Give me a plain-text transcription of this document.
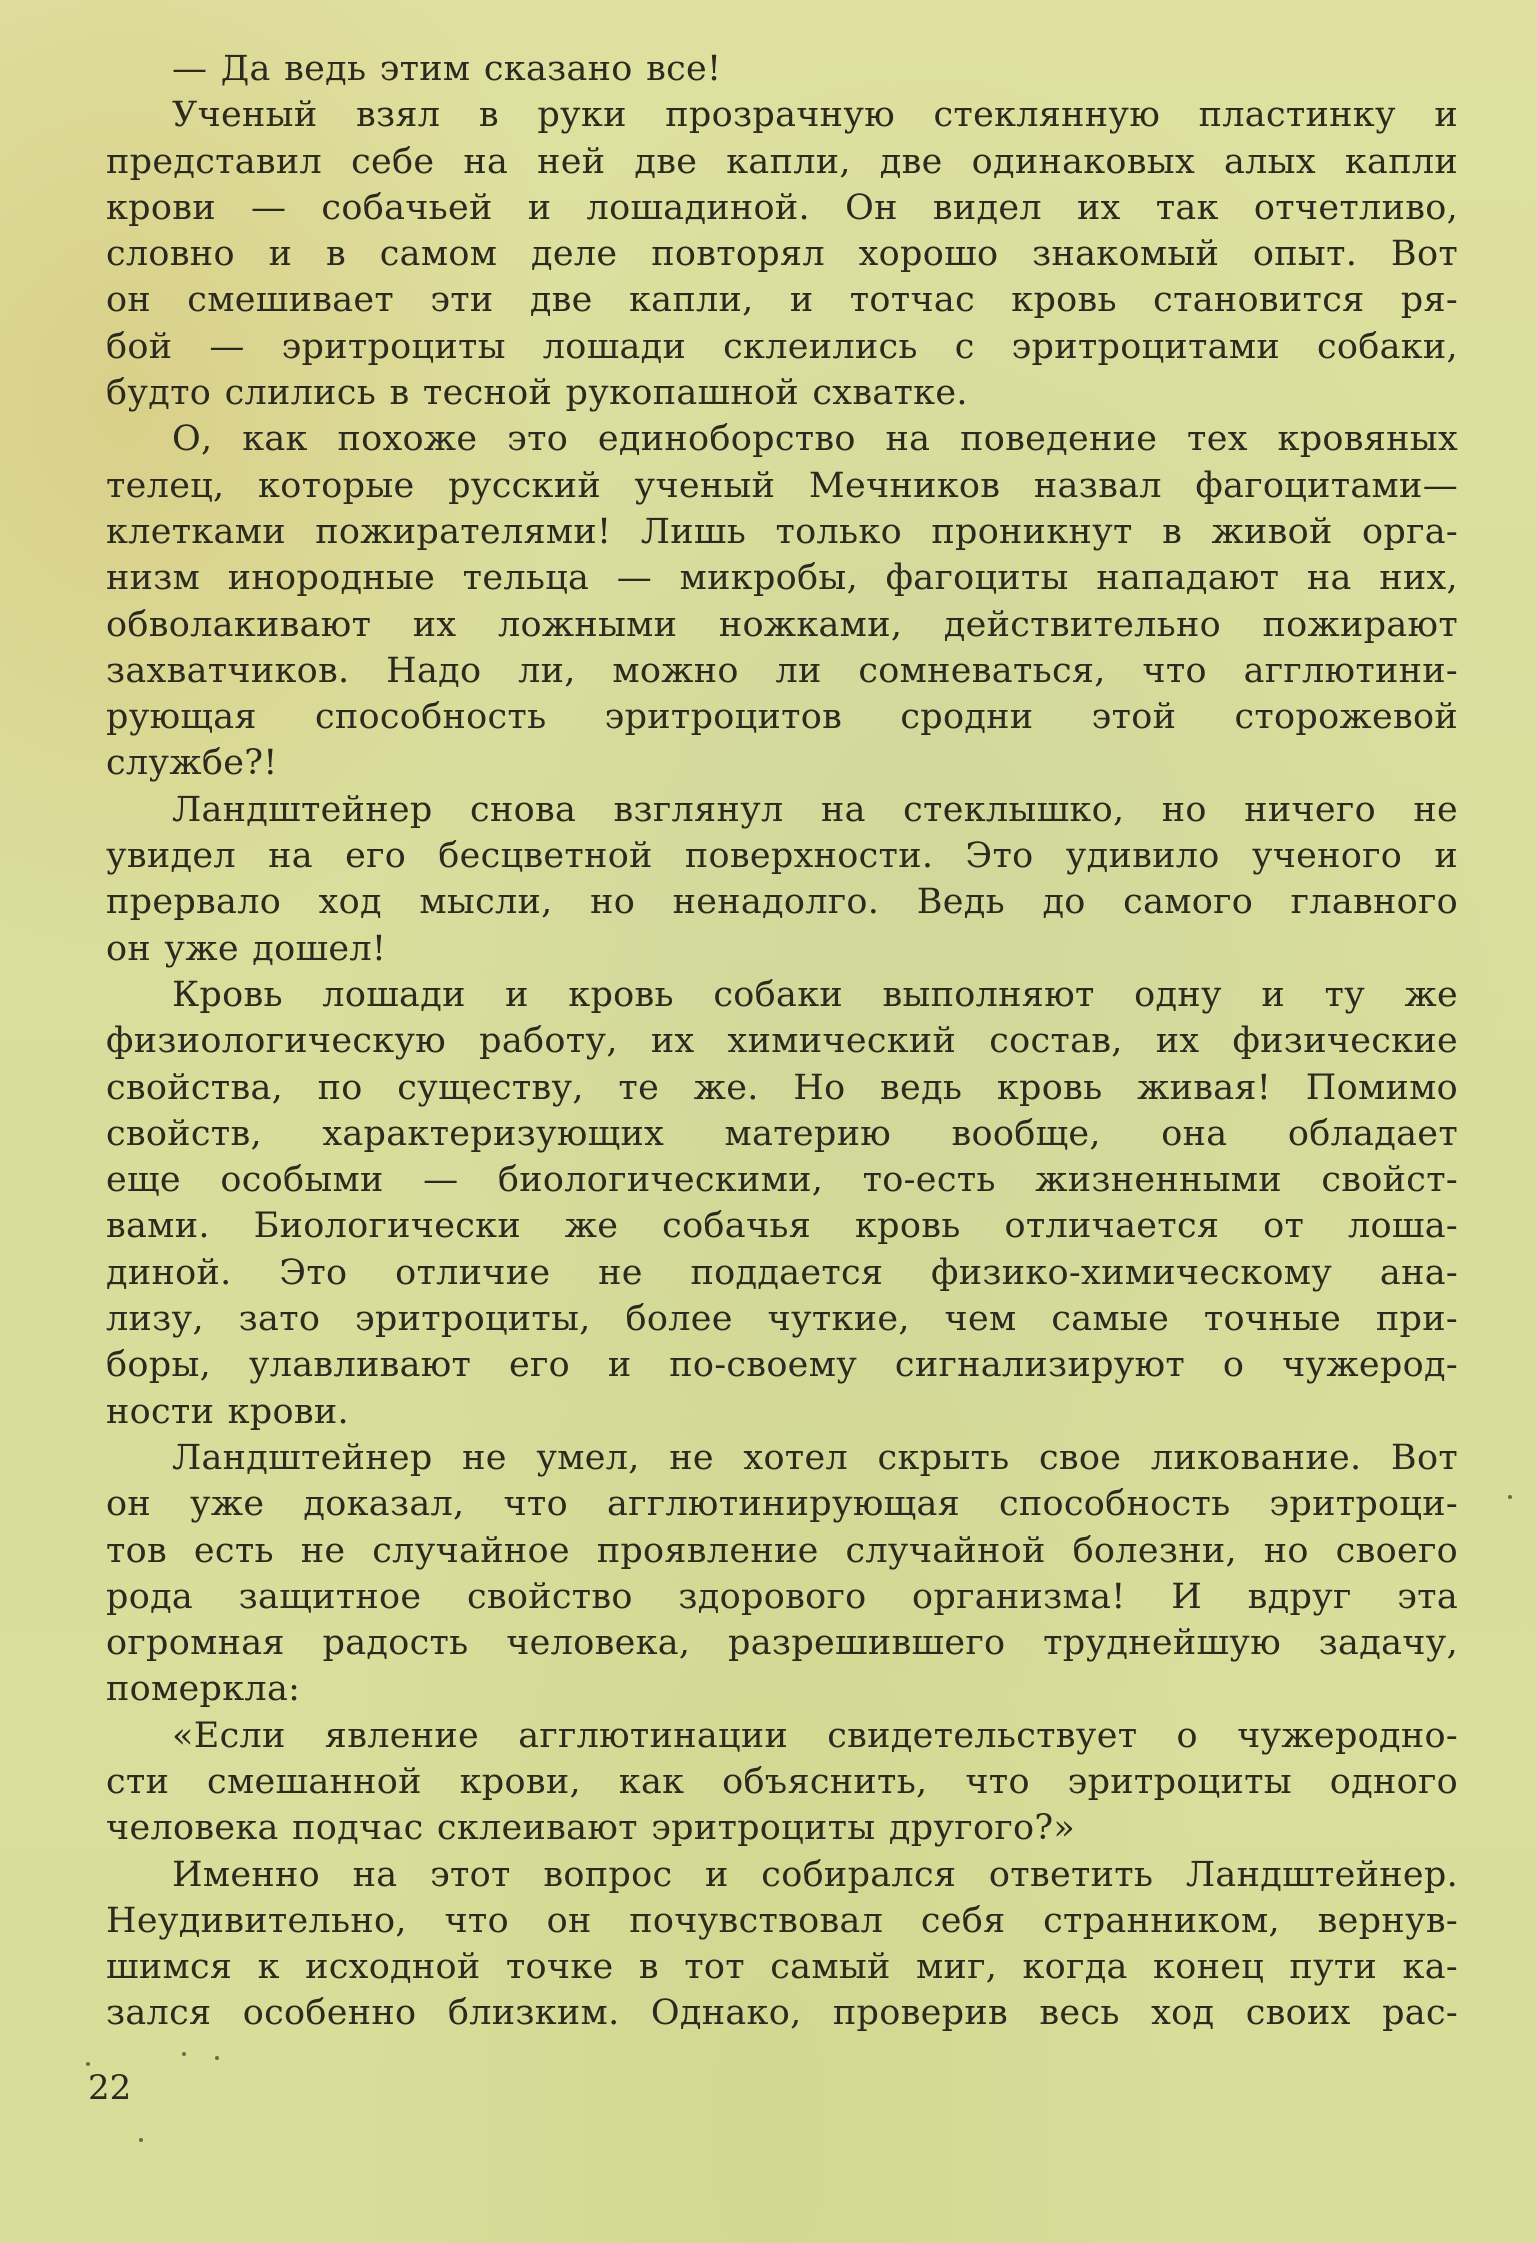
— Да ведь этим сказано все!
Ученый взял в руки прозрачную стеклянную пластинку и
представил себе на ней две капли, две одинаковых алых капли
крови — собачьей и лошадиной. Он видел их так отчетливо,
словно и в самом деле повторял хорошо знакомый опыт. Вот
он смешивает эти две капли, и тотчас кровь становится ря-
бой — эритроциты лошади склеились с эритроцитами собаки,
будто слились в тесной рукопашной схватке.
О, как похоже это единоборство на поведение тех кровяных
телец, которые русский ученый Мечников назвал фагоцитами—
клетками пожирателями! Лишь только проникнут в живой орга-
низм инородные тельца — микробы, фагоциты нападают на них,
обволакивают их ложными ножками, действительно пожирают
захватчиков. Надо ли, можно ли сомневаться, что агглютини-
рующая способность эритроцитов сродни этой сторожевой
службе?!
Ландштейнер снова взглянул на стеклышко, но ничего не
увидел на его бесцветной поверхности. Это удивило ученого и
прервало ход мысли, но ненадолго. Ведь до самого главного
он уже дошел!
Кровь лошади и кровь собаки выполняют одну и ту же
физиологическую работу, их химический состав, их физические
свойства, по существу, те же. Но ведь кровь живая! Помимо
свойств, характеризующих материю вообще, она обладает
еще особыми — биологическими, то-есть жизненными свойст-
вами. Биологически же собачья кровь отличается от лоша-
диной. Это отличие не поддается физико-химическому ана-
лизу, зато эритроциты, более чуткие, чем самые точные при-
боры, улавливают его и по-своему сигнализируют о чужерод-
ности крови.
Ландштейнер не умел, не хотел скрыть свое ликование. Вот
он уже доказал, что агглютинирующая способность эритроци-
тов есть не случайное проявление случайной болезни, но своего
рода защитное свойство здорового организма! И вдруг эта
огромная радость человека, разрешившего труднейшую задачу,
померкла:
«Если явление агглютинации свидетельствует о чужеродно-
сти смешанной крови, как объяснить, что эритроциты одного
человека подчас склеивают эритроциты другого?»
Именно на этот вопрос и собирался ответить Ландштейнер.
Неудивительно, что он почувствовал себя странником, вернув-
шимся к исходной точке в тот самый миг, когда конец пути ка-
зался особенно близким. Однако, проверив весь ход своих рас-
22
